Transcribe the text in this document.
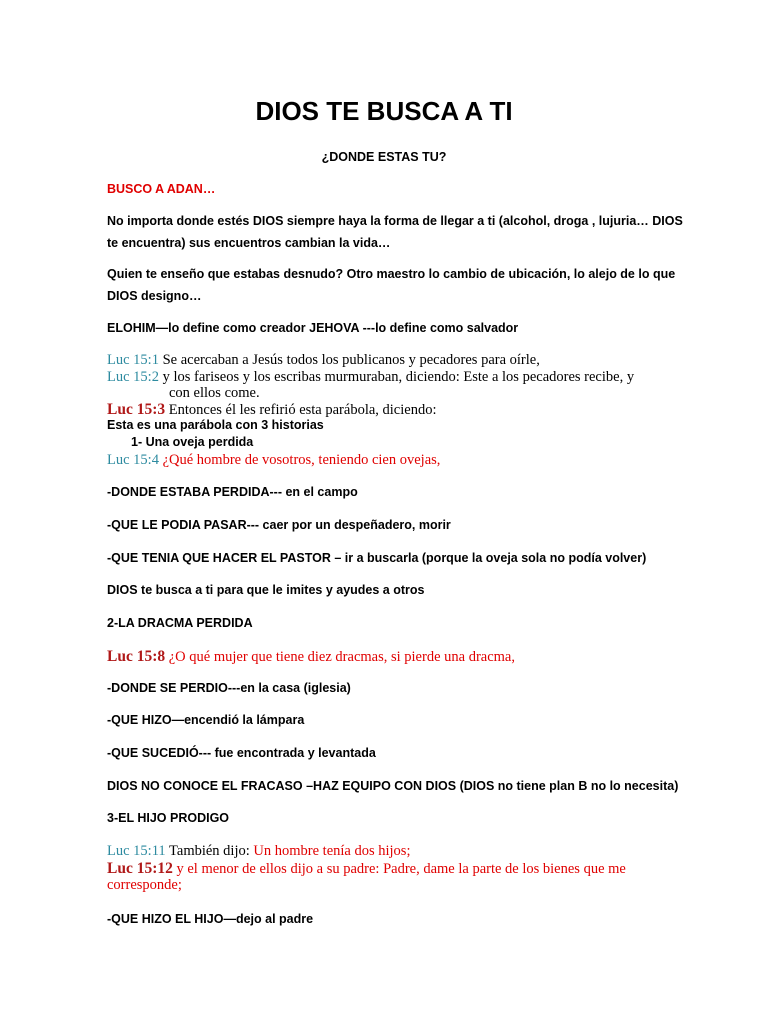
DIOS TE BUSCA A TI
¿DONDE ESTAS TU?
BUSCO A ADAN…
No importa donde estés DIOS siempre haya la forma de llegar a ti (alcohol, droga , lujuria… DIOS
te encuentra) sus encuentros cambian la vida…
Quien te enseño que estabas desnudo? Otro maestro lo cambio de ubicación, lo alejo de lo que
DIOS designo…
ELOHIM—lo define como creador JEHOVA ---lo define como salvador
Luc 15:1 Se acercaban a Jesús todos los publicanos y pecadores para oírle,
Luc 15:2 y los fariseos y los escribas murmuraban, diciendo: Este a los pecadores recibe, y
con ellos come.
Luc 15:3 Entonces él les refirió esta parábola, diciendo:
Esta es una parábola con 3 historias
1- Una oveja perdida
Luc 15:4 ¿Qué hombre de vosotros, teniendo cien ovejas,
-DONDE ESTABA PERDIDA--- en el campo
-QUE LE PODIA PASAR--- caer por un despeñadero, morir
-QUE TENIA QUE HACER EL PASTOR – ir a buscarla (porque la oveja sola no podía volver)
DIOS te busca a ti para que le imites y ayudes a otros
2-LA DRACMA PERDIDA
Luc 15:8 ¿O qué mujer que tiene diez dracmas, si pierde una dracma,
-DONDE SE PERDIO---en la casa (iglesia)
-QUE HIZO—encendió la lámpara
-QUE SUCEDIÓ--- fue encontrada y levantada
DIOS NO CONOCE EL FRACASO –HAZ EQUIPO CON DIOS (DIOS no tiene plan B no lo necesita)
3-EL HIJO PRODIGO
Luc 15:11 También dijo: Un hombre tenía dos hijos;
Luc 15:12 y el menor de ellos dijo a su padre: Padre, dame la parte de los bienes que me
corresponde;
-QUE HIZO EL HIJO—dejo al padre
